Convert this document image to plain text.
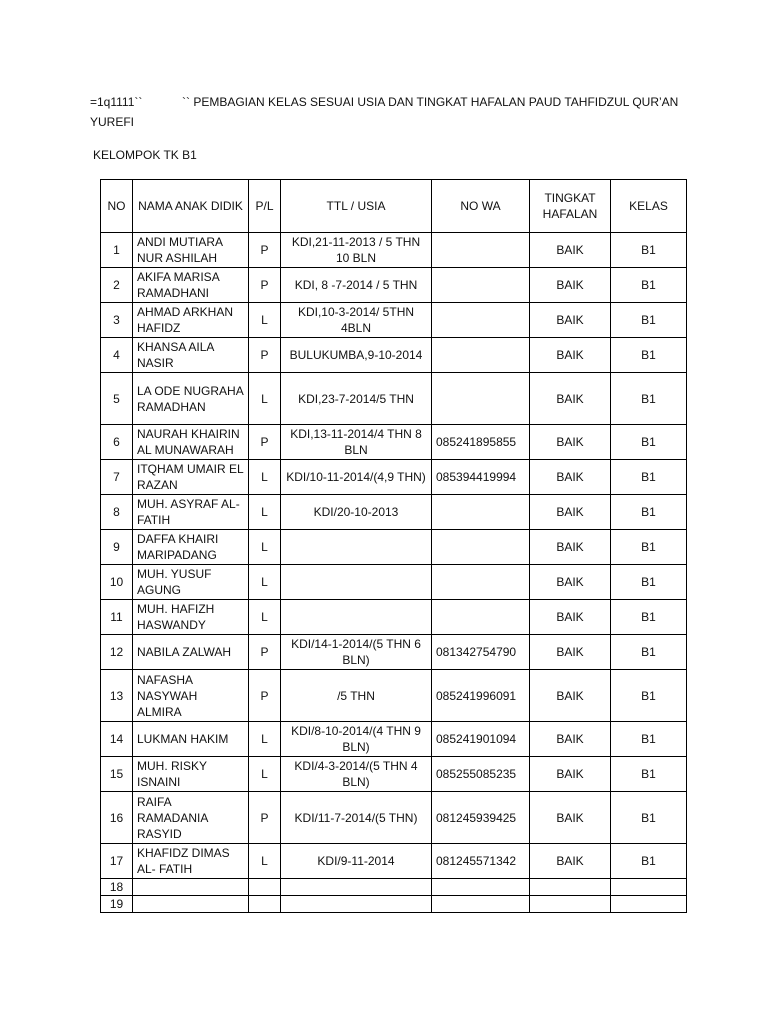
=1q1111``	`` PEMBAGIAN KELAS SESUAI USIA DAN TINGKAT HAFALAN PAUD TAHFIDZUL QUR’AN YUREFI
KELOMPOK TK B1
NO	NAMA ANAK DIDIK	P/L	TTL / USIA	NO WA	TINGKAT HAFALAN	KELAS
1	ANDI MUTIARA NUR ASHILAH	P	KDI,21-11-2013 / 5 THN 10 BLN		BAIK	B1
2	AKIFA MARISA RAMADHANI	P	KDI, 8 -7-2014 / 5 THN		BAIK	B1
3	AHMAD ARKHAN HAFIDZ	L	KDI,10-3-2014/ 5THN 4BLN		BAIK	B1
4	KHANSA AILA NASIR	P	BULUKUMBA,9-10-2014		BAIK	B1
5	LA ODE NUGRAHA RAMADHAN	L	KDI,23-7-2014/5 THN		BAIK	B1
6	NAURAH KHAIRIN AL MUNAWARAH	P	KDI,13-11-2014/4 THN 8 BLN	085241895855	BAIK	B1
7	ITQHAM UMAIR EL RAZAN	L	KDI/10-11-2014/(4,9 THN)	085394419994	BAIK	B1
8	MUH. ASYRAF AL-FATIH	L	KDI/20-10-2013		BAIK	B1
9	DAFFA KHAIRI MARIPADANG	L			BAIK	B1
10	MUH. YUSUF AGUNG	L			BAIK	B1
11	MUH. HAFIZH HASWANDY	L			BAIK	B1
12	NABILA ZALWAH	P	KDI/14-1-2014/(5 THN 6 BLN)	081342754790	BAIK	B1
13	NAFASHA NASYWAH ALMIRA	P	/5 THN	085241996091	BAIK	B1
14	LUKMAN HAKIM	L	KDI/8-10-2014/(4 THN 9 BLN)	085241901094	BAIK	B1
15	MUH. RISKY ISNAINI	L	KDI/4-3-2014/(5 THN 4 BLN)	085255085235	BAIK	B1
16	RAIFA RAMADANIA RASYID	P	KDI/11-7-2014/(5 THN)	081245939425	BAIK	B1
17	KHAFIDZ DIMAS AL- FATIH	L	KDI/9-11-2014	081245571342	BAIK	B1
18						
19						
